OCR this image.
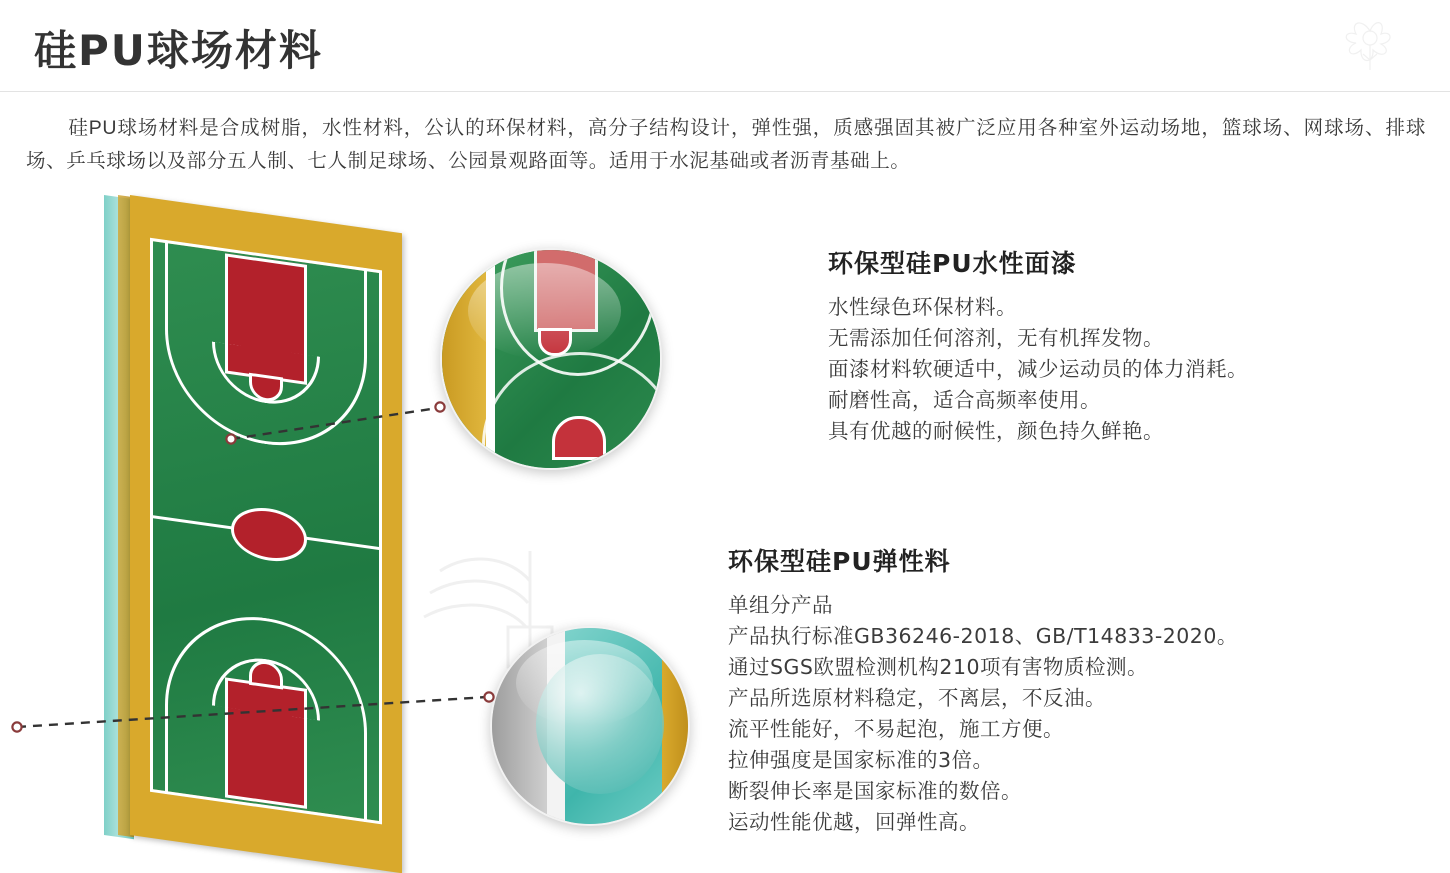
硅PU球场材料
硅PU球场材料是合成树脂，水性材料，公认的环保材料，高分子结构设计，弹性强，质感强固其被广泛应用各种室外运动场地，篮球场、网球场、排球场、乒乓球场以及部分五人制、七人制足球场、公园景观路面等。适用于水泥基础或者沥青基础上。
环保型硅PU水性面漆
水性绿色环保材料。
无需添加任何溶剂，无有机挥发物。
面漆材料软硬适中，减少运动员的体力消耗。
耐磨性高，适合高频率使用。
具有优越的耐候性，颜色持久鲜艳。
环保型硅PU弹性料
单组分产品
产品执行标准GB36246-2018、GB/T14833-2020。
通过SGS欧盟检测机构210项有害物质检测。
产品所选原材料稳定，不离层，不反油。
流平性能好，不易起泡，施工方便。
拉伸强度是国家标准的3倍。
断裂伸长率是国家标准的数倍。
运动性能优越，回弹性高。
